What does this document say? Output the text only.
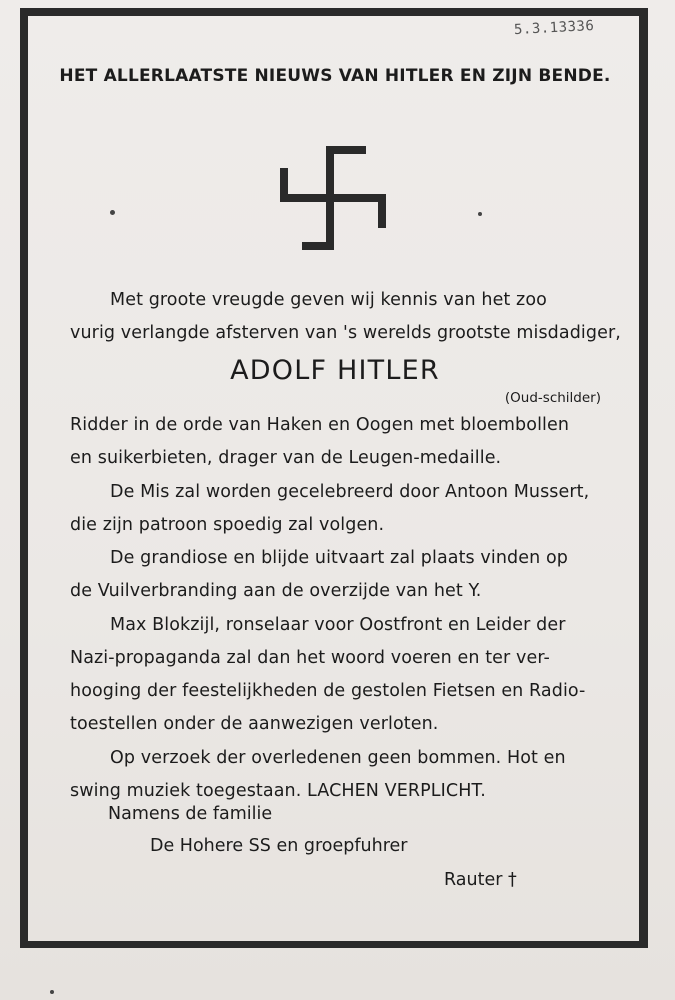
5.3.13336
HET ALLERLAATSTE NIEUWS VAN HITLER EN ZIJN BENDE.
Met groote vreugde geven wij kennis van het zoo
vurig verlangde afsterven van 's werelds grootste misdadiger,
ADOLF HITLER
(Oud-schilder)
Ridder in de orde van Haken en Oogen met bloembollen
en suikerbieten, drager van de Leugen-medaille.
De Mis zal worden gecelebreerd door Antoon Mussert,
die zijn patroon spoedig zal volgen.
De grandiose en blijde uitvaart zal plaats vinden op
de Vuilverbranding aan de overzijde van het Y.
Max Blokzijl, ronselaar voor Oostfront en Leider der
Nazi-propaganda zal dan het woord voeren en ter ver-
hooging der feestelijkheden de gestolen Fietsen en Radio-
toestellen onder de aanwezigen verloten.
Op verzoek der overledenen geen bommen. Hot en
swing muziek toegestaan. LACHEN VERPLICHT.
Namens de familie
De Hohere SS en groepfuhrer
Rauter †
